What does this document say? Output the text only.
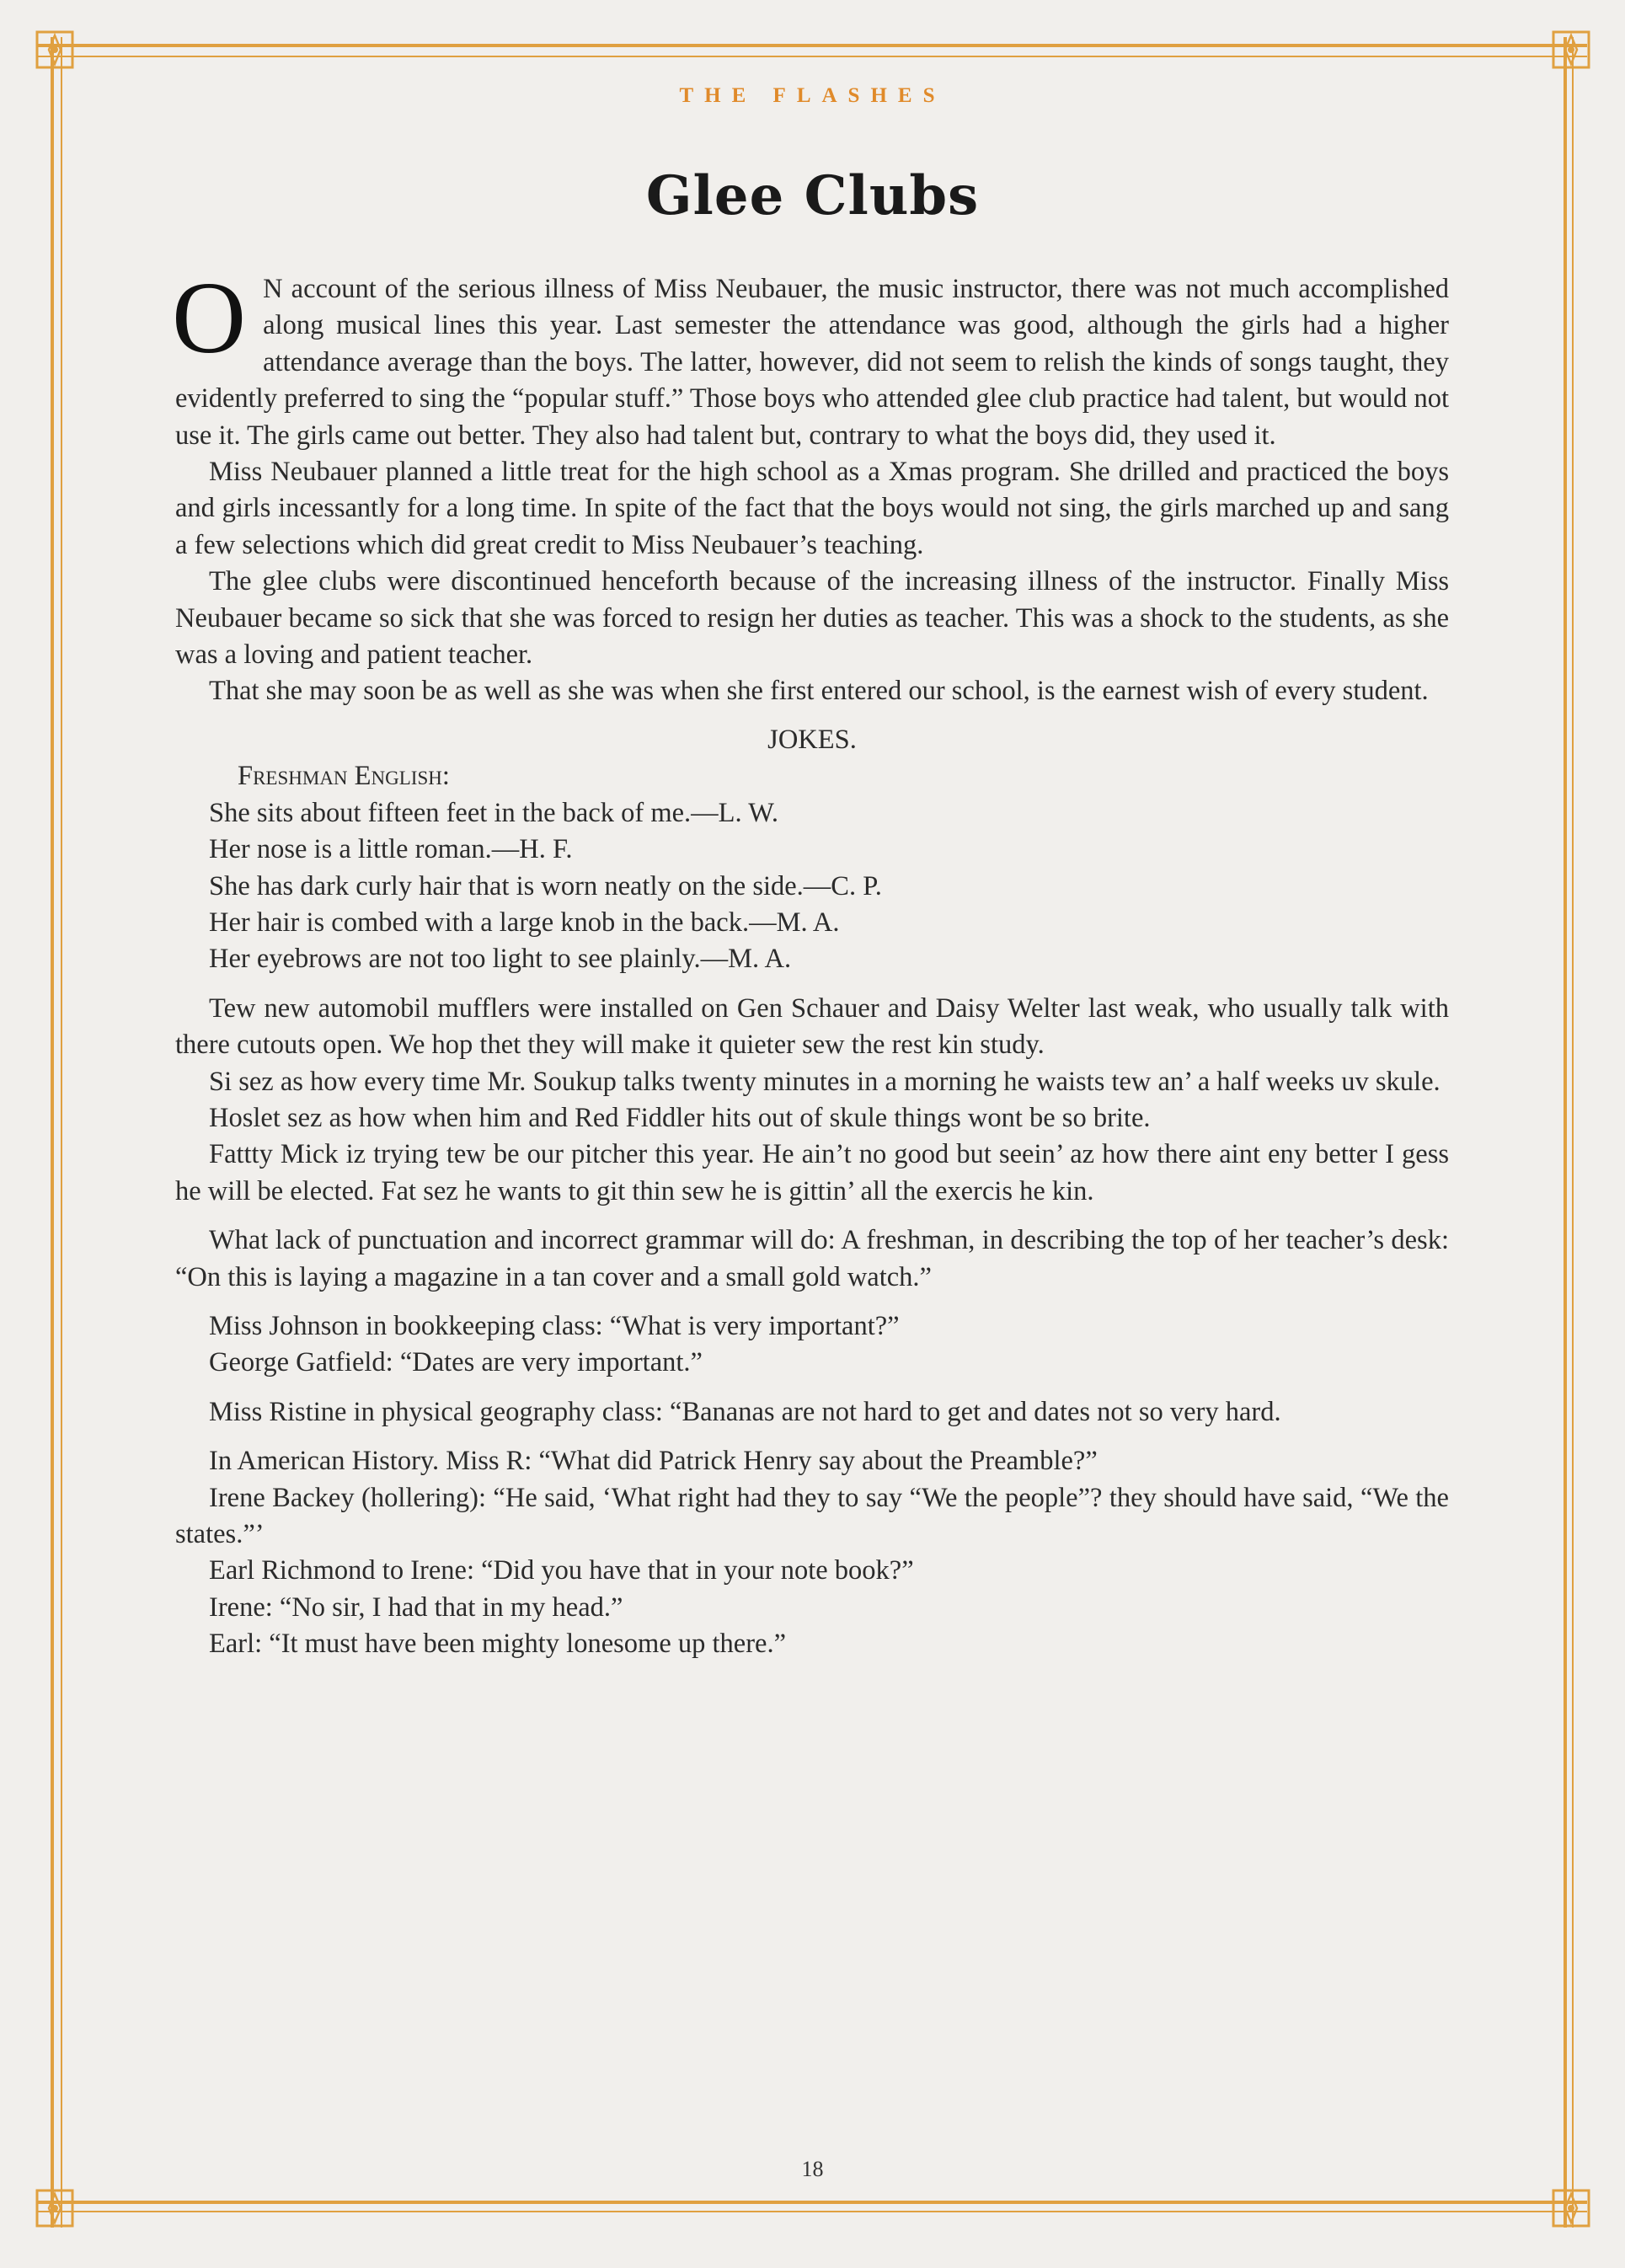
THE FLASHES
Glee Clubs

O N account of the serious illness of Miss Neubauer, the music instructor, there was not much accomplished along musical lines this year. Last semester the attendance was good, although the girls had a higher attendance average than the boys. The latter, however, did not seem to relish the kinds of songs taught, they evidently preferred to sing the “popular stuff.” Those boys who attended glee club practice had talent, but would not use it. The girls came out better. They also had talent but, contrary to what the boys did, they used it.

Miss Neubauer planned a little treat for the high school as a Xmas program. She drilled and practiced the boys and girls incessantly for a long time. In spite of the fact that the boys would not sing, the girls marched up and sang a few selections which did great credit to Miss Neubauer’s teaching.

The glee clubs were discontinued henceforth because of the increasing illness of the instructor. Finally Miss Neubauer became so sick that she was forced to resign her duties as teacher. This was a shock to the students, as she was a loving and patient teacher.

That she may soon be as well as she was when she first entered our school, is the earnest wish of every student.

JOKES.

Freshman English:

She sits about fifteen feet in the back of me.—L. W.

Her nose is a little roman.—H. F.

She has dark curly hair that is worn neatly on the side.—C. P.

Her hair is combed with a large knob in the back.—M. A.

Her eyebrows are not too light to see plainly.—M. A.

Tew new automobil mufflers were installed on Gen Schauer and Daisy Welter last weak, who usually talk with there cutouts open. We hop thet they will make it quieter sew the rest kin study.

Si sez as how every time Mr. Soukup talks twenty minutes in a morning he waists tew an’ a half weeks uv skule.

Hoslet sez as how when him and Red Fiddler hits out of skule things wont be so brite.

Fattty Mick iz trying tew be our pitcher this year. He ain’t no good but seein’ az how there aint eny better I gess he will be elected. Fat sez he wants to git thin sew he is gittin’ all the exercis he kin.

What lack of punctuation and incorrect grammar will do: A freshman, in describing the top of her teacher’s desk: “On this is laying a magazine in a tan cover and a small gold watch.”

Miss Johnson in bookkeeping class: “What is very important?”

George Gatfield: “Dates are very important.”

Miss Ristine in physical geography class: “Bananas are not hard to get and dates not so very hard.

In American History. Miss R: “What did Patrick Henry say about the Preamble?”

Irene Backey (hollering): “He said, ‘What right had they to say “We the people”? they should have said, “We the states.”’

Earl Richmond to Irene: “Did you have that in your note book?”

Irene: “No sir, I had that in my head.”

Earl: “It must have been mighty lonesome up there.”

18
